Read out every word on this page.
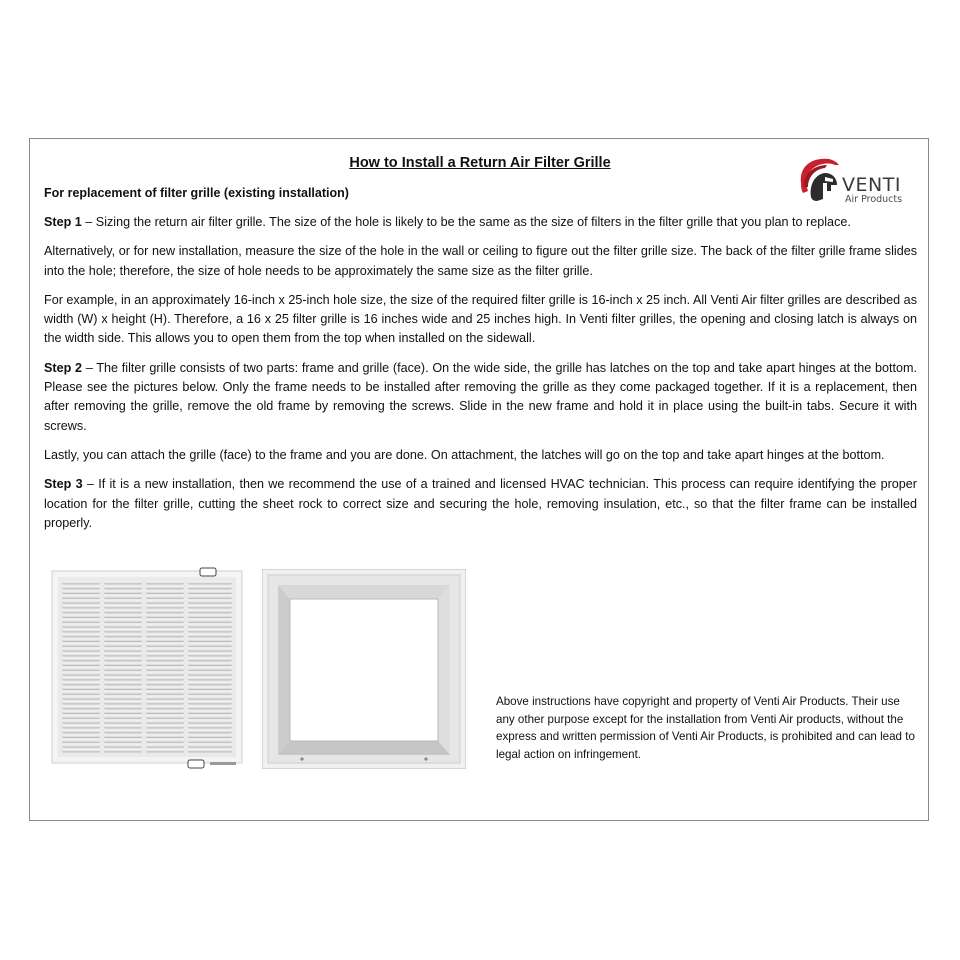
How to Install a Return Air Filter Grille
VENTI
Air Products
For replacement of filter grille (existing installation)

Step 1 – Sizing the return air filter grille. The size of the hole is likely to be the same as the size of filters in the filter grille that you plan to replace.

Alternatively, or for new installation, measure the size of the hole in the wall or ceiling to figure out the filter grille size. The back of the filter grille frame slides into the hole; therefore, the size of hole needs to be approximately the same size as the filter grille.

For example, in an approximately 16-inch x 25-inch hole size, the size of the required filter grille is 16-inch x 25 inch. All Venti Air filter grilles are described as width (W) x height (H). Therefore, a 16 x 25 filter grille is 16 inches wide and 25 inches high. In Venti filter grilles, the opening and closing latch is always on the width side. This allows you to open them from the top when installed on the sidewall.

Step 2 – The filter grille consists of two parts: frame and grille (face). On the wide side, the grille has latches on the top and take apart hinges at the bottom. Please see the pictures below. Only the frame needs to be installed after removing the grille as they come packaged together. If it is a replacement, then after removing the grille, remove the old frame by removing the screws. Slide in the new frame and hold it in place using the built-in tabs. Secure it with screws.

Lastly, you can attach the grille (face) to the frame and you are done. On attachment, the latches will go on the top and take apart hinges at the bottom.

Step 3 – If it is a new installation, then we recommend the use of a trained and licensed HVAC technician. This process can require identifying the proper location for the filter grille, cutting the sheet rock to correct size and securing the hole, removing insulation, etc., so that the filter frame can be installed properly.

Above instructions have copyright and property of Venti Air Products. Their use any other purpose except for the installation from Venti Air products, without the express and written permission of Venti Air Products, is prohibited and can lead to legal action on infringement.
